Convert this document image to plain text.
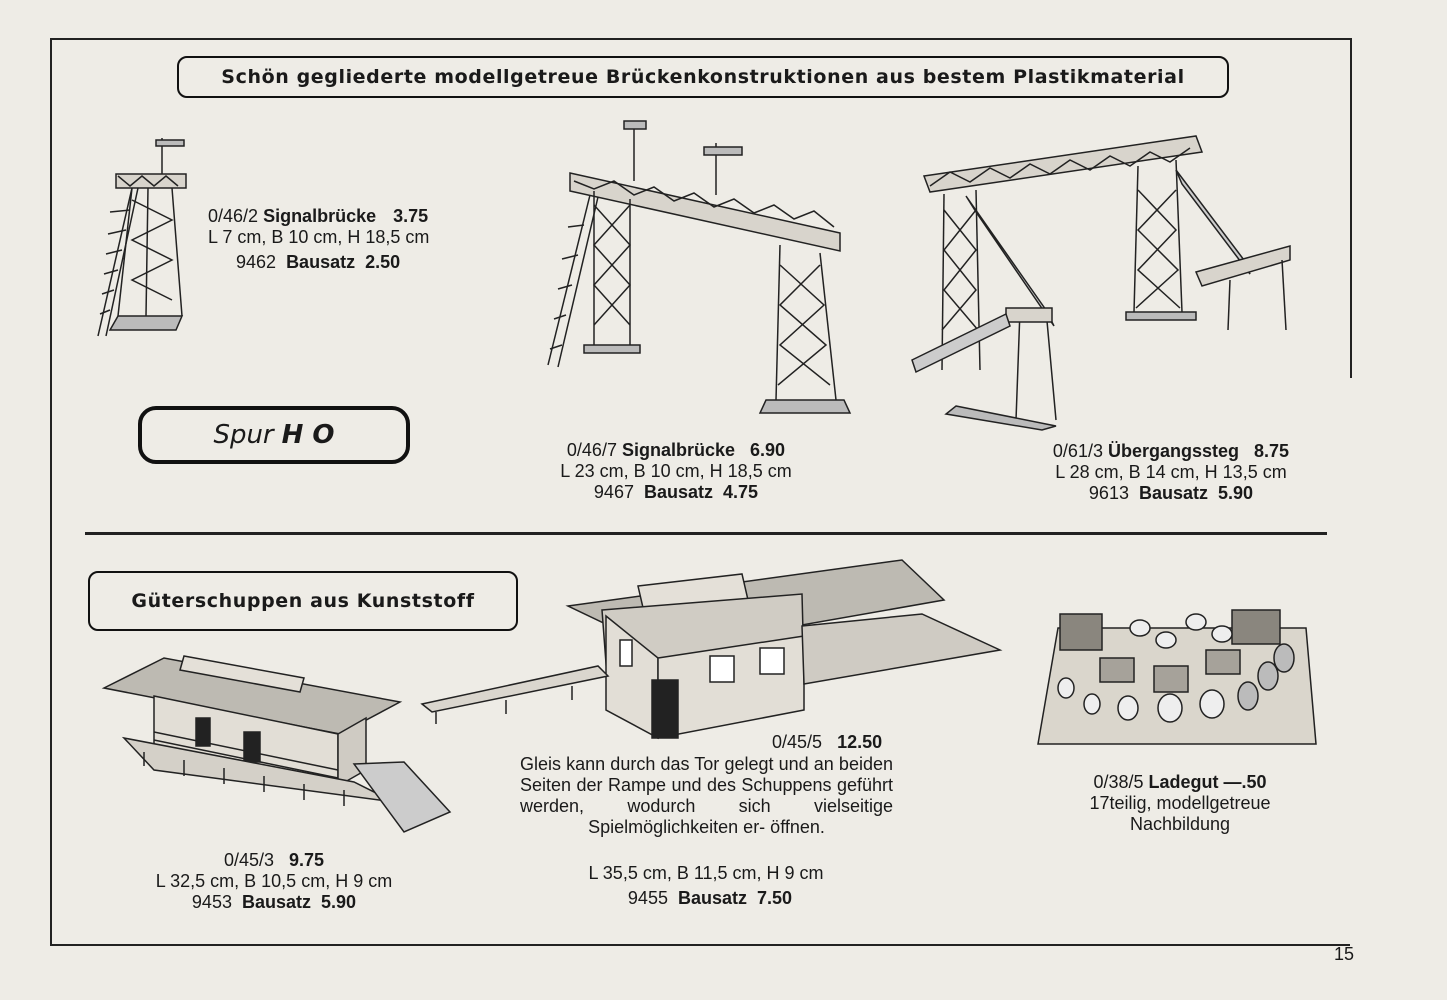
Schön gegliederte modellgetreue Brückenkonstruktionen aus bestem Plastikmaterial
Spur H O
Güterschuppen aus Kunststoff
0/46/2 Signalbrücke 3.75
L 7 cm, B 10 cm, H 18,5 cm
9462 Bausatz 2.50
0/46/7 Signalbrücke 6.90
L 23 cm, B 10 cm, H 18,5 cm
9467 Bausatz 4.75
0/61/3 Übergangssteg 8.75
L 28 cm, B 14 cm, H 13,5 cm
9613 Bausatz 5.90
0/45/3 9.75
L 32,5 cm, B 10,5 cm, H 9 cm
9453 Bausatz 5.90
0/45/5 12.50
Gleis kann durch das Tor gelegt und an beiden Seiten der Rampe und des Schuppens geführt werden, wodurch sich vielseitige Spielmöglichkeiten er- öffnen.
L 35,5 cm, B 11,5 cm, H 9 cm
9455 Bausatz 7.50
0/38/5 Ladegut —.50
17teilig, modellgetreue
Nachbildung
15
